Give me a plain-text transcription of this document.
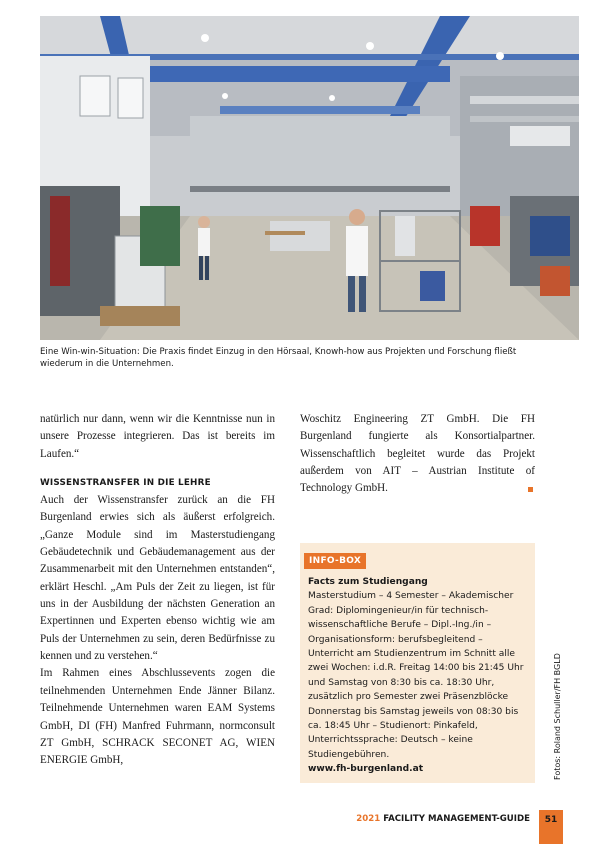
Eine Win-win-Situation: Die Praxis findet Einzug in den Hörsaal, Knowh-how aus Projekten und Forschung fließt wiederum in die Unternehmen.

natürlich nur dann, wenn wir die Kenntnisse nun in unsere Prozesse integrieren. Das ist bereits im Laufen.“

WISSENSTRANSFER IN DIE LEHRE

Auch der Wissenstransfer zurück an die FH Burgenland erwies sich als äußerst erfolgreich. „Ganze Module sind im Masterstudiengang Gebäudetechnik und Gebäudemanagement aus der Zusammenarbeit mit den Unternehmen entstanden“, erklärt Heschl. „Am Puls der Zeit zu liegen, ist für uns in der Ausbildung der nächsten Generation an Expertinnen und Experten ebenso wichtig wie am Puls der Unternehmen zu sein, deren Bedürfnisse zu kennen und zu verstehen.“

Im Rahmen eines Abschlussevents zogen die teilnehmenden Unternehmen Ende Jänner Bilanz. Teilnehmende Unternehmen waren EAM Systems GmbH, DI (FH) Manfred Fuhrmann, normconsult ZT GmbH, SCHRACK SECONET AG, WIEN ENERGIE GmbH,

Woschitz Engineering ZT GmbH. Die FH Burgenland fungierte als Konsortialpartner. Wissenschaftlich begleitet wurde das Projekt außerdem von AIT – Austrian Institute of Technology GmbH.

INFO-BOX
Facts zum Studiengang
Masterstudium – 4 Semester – Akademischer Grad: Diplomingenieur/in für technisch-wissenschaftliche Berufe – Dipl.-Ing./in – Organisationsform: berufsbegleitend – Unterricht am Studienzentrum im Schnitt alle zwei Wochen: i.d.R. Freitag 14:00 bis 21:45 Uhr und Samstag von 8:30 bis ca. 18:30 Uhr, zusätzlich pro Semester zwei Präsenzblöcke Donnerstag bis Samstag jeweils von 08:30 bis ca. 18:45 Uhr – Studienort: Pinkafeld, Unterrichtssprache: Deutsch – keine Studiengebühren.
www.fh-burgenland.at	Fotos: Roland Schuller/FH BGLD
2021 FACILITY MANAGEMENT-GUIDE	51
